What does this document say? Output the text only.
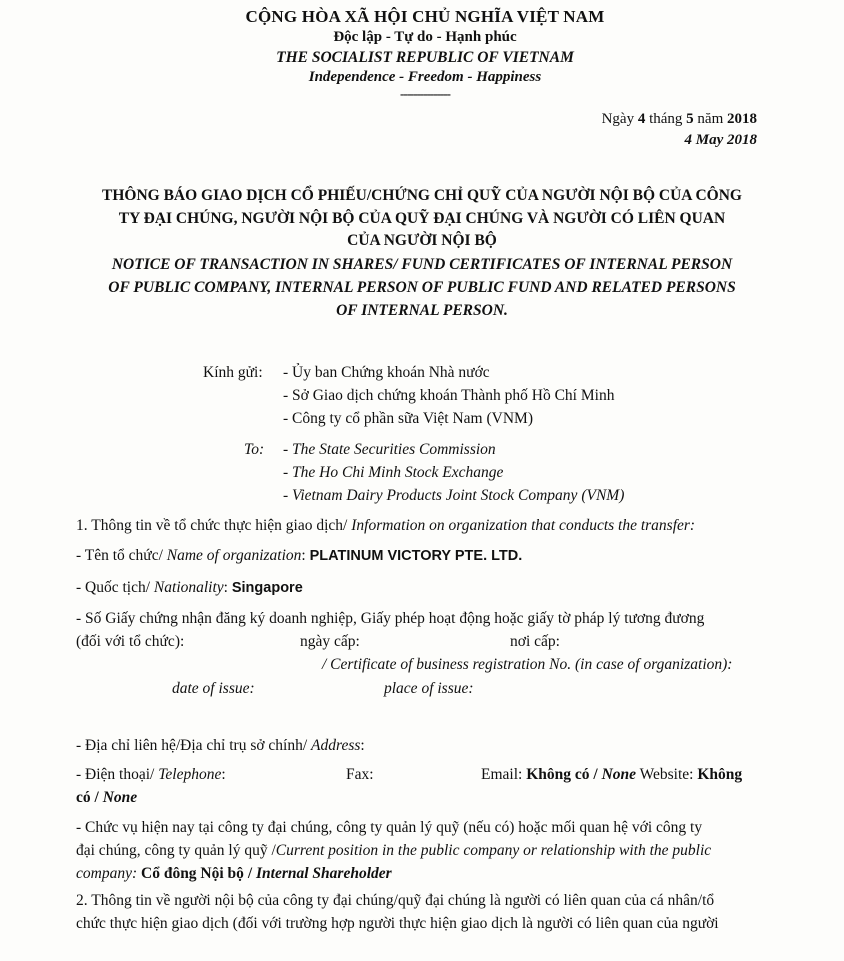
CỘNG HÒA XÃ HỘI CHỦ NGHĨA VIỆT NAM
Độc lập - Tự do - Hạnh phúc
THE SOCIALIST REPUBLIC OF VIETNAM
Independence - Freedom - Happiness
---------------
Ngày 4 tháng 5 năm 2018
4 May 2018
THÔNG BÁO GIAO DỊCH CỔ PHIẾU/CHỨNG CHỈ QUỸ CỦA NGƯỜI NỘI BỘ CỦA CÔNG
TY ĐẠI CHÚNG, NGƯỜI NỘI BỘ CỦA QUỸ ĐẠI CHÚNG VÀ NGƯỜI CÓ LIÊN QUAN
CỦA NGƯỜI NỘI BỘ
NOTICE OF TRANSACTION IN SHARES/ FUND CERTIFICATES OF INTERNAL PERSON
OF PUBLIC COMPANY, INTERNAL PERSON OF PUBLIC FUND AND RELATED PERSONS
OF INTERNAL PERSON.
Kính gửi: - Ủy ban Chứng khoán Nhà nước
- Sở Giao dịch chứng khoán Thành phố Hồ Chí Minh
- Công ty cổ phần sữa Việt Nam (VNM)
To: - The State Securities Commission
- The Ho Chi Minh Stock Exchange
- Vietnam Dairy Products Joint Stock Company (VNM)
1. Thông tin về tổ chức thực hiện giao dịch/ Information on organization that conducts the transfer:
- Tên tổ chức/ Name of organization: PLATINUM VICTORY PTE. LTD.
- Quốc tịch/ Nationality: Singapore
- Số Giấy chứng nhận đăng ký doanh nghiệp, Giấy phép hoạt động hoặc giấy tờ pháp lý tương đương
(đối với tổ chức):	ngày cấp:	nơi cấp:
/ Certificate of business registration No. (in case of organization):
date of issue:	place of issue:
- Địa chỉ liên hệ/Địa chỉ trụ sở chính/ Address:
- Điện thoại/ Telephone:	Fax:	Email: Không có / None Website: Không
có / None
- Chức vụ hiện nay tại công ty đại chúng, công ty quản lý quỹ (nếu có) hoặc mối quan hệ với công ty
đại chúng, công ty quản lý quỹ /Current position in the public company or relationship with the public
company: Cổ đông Nội bộ / Internal Shareholder
2. Thông tin về người nội bộ của công ty đại chúng/quỹ đại chúng là người có liên quan của cá nhân/tổ
chức thực hiện giao dịch (đối với trường hợp người thực hiện giao dịch là người có liên quan của người
